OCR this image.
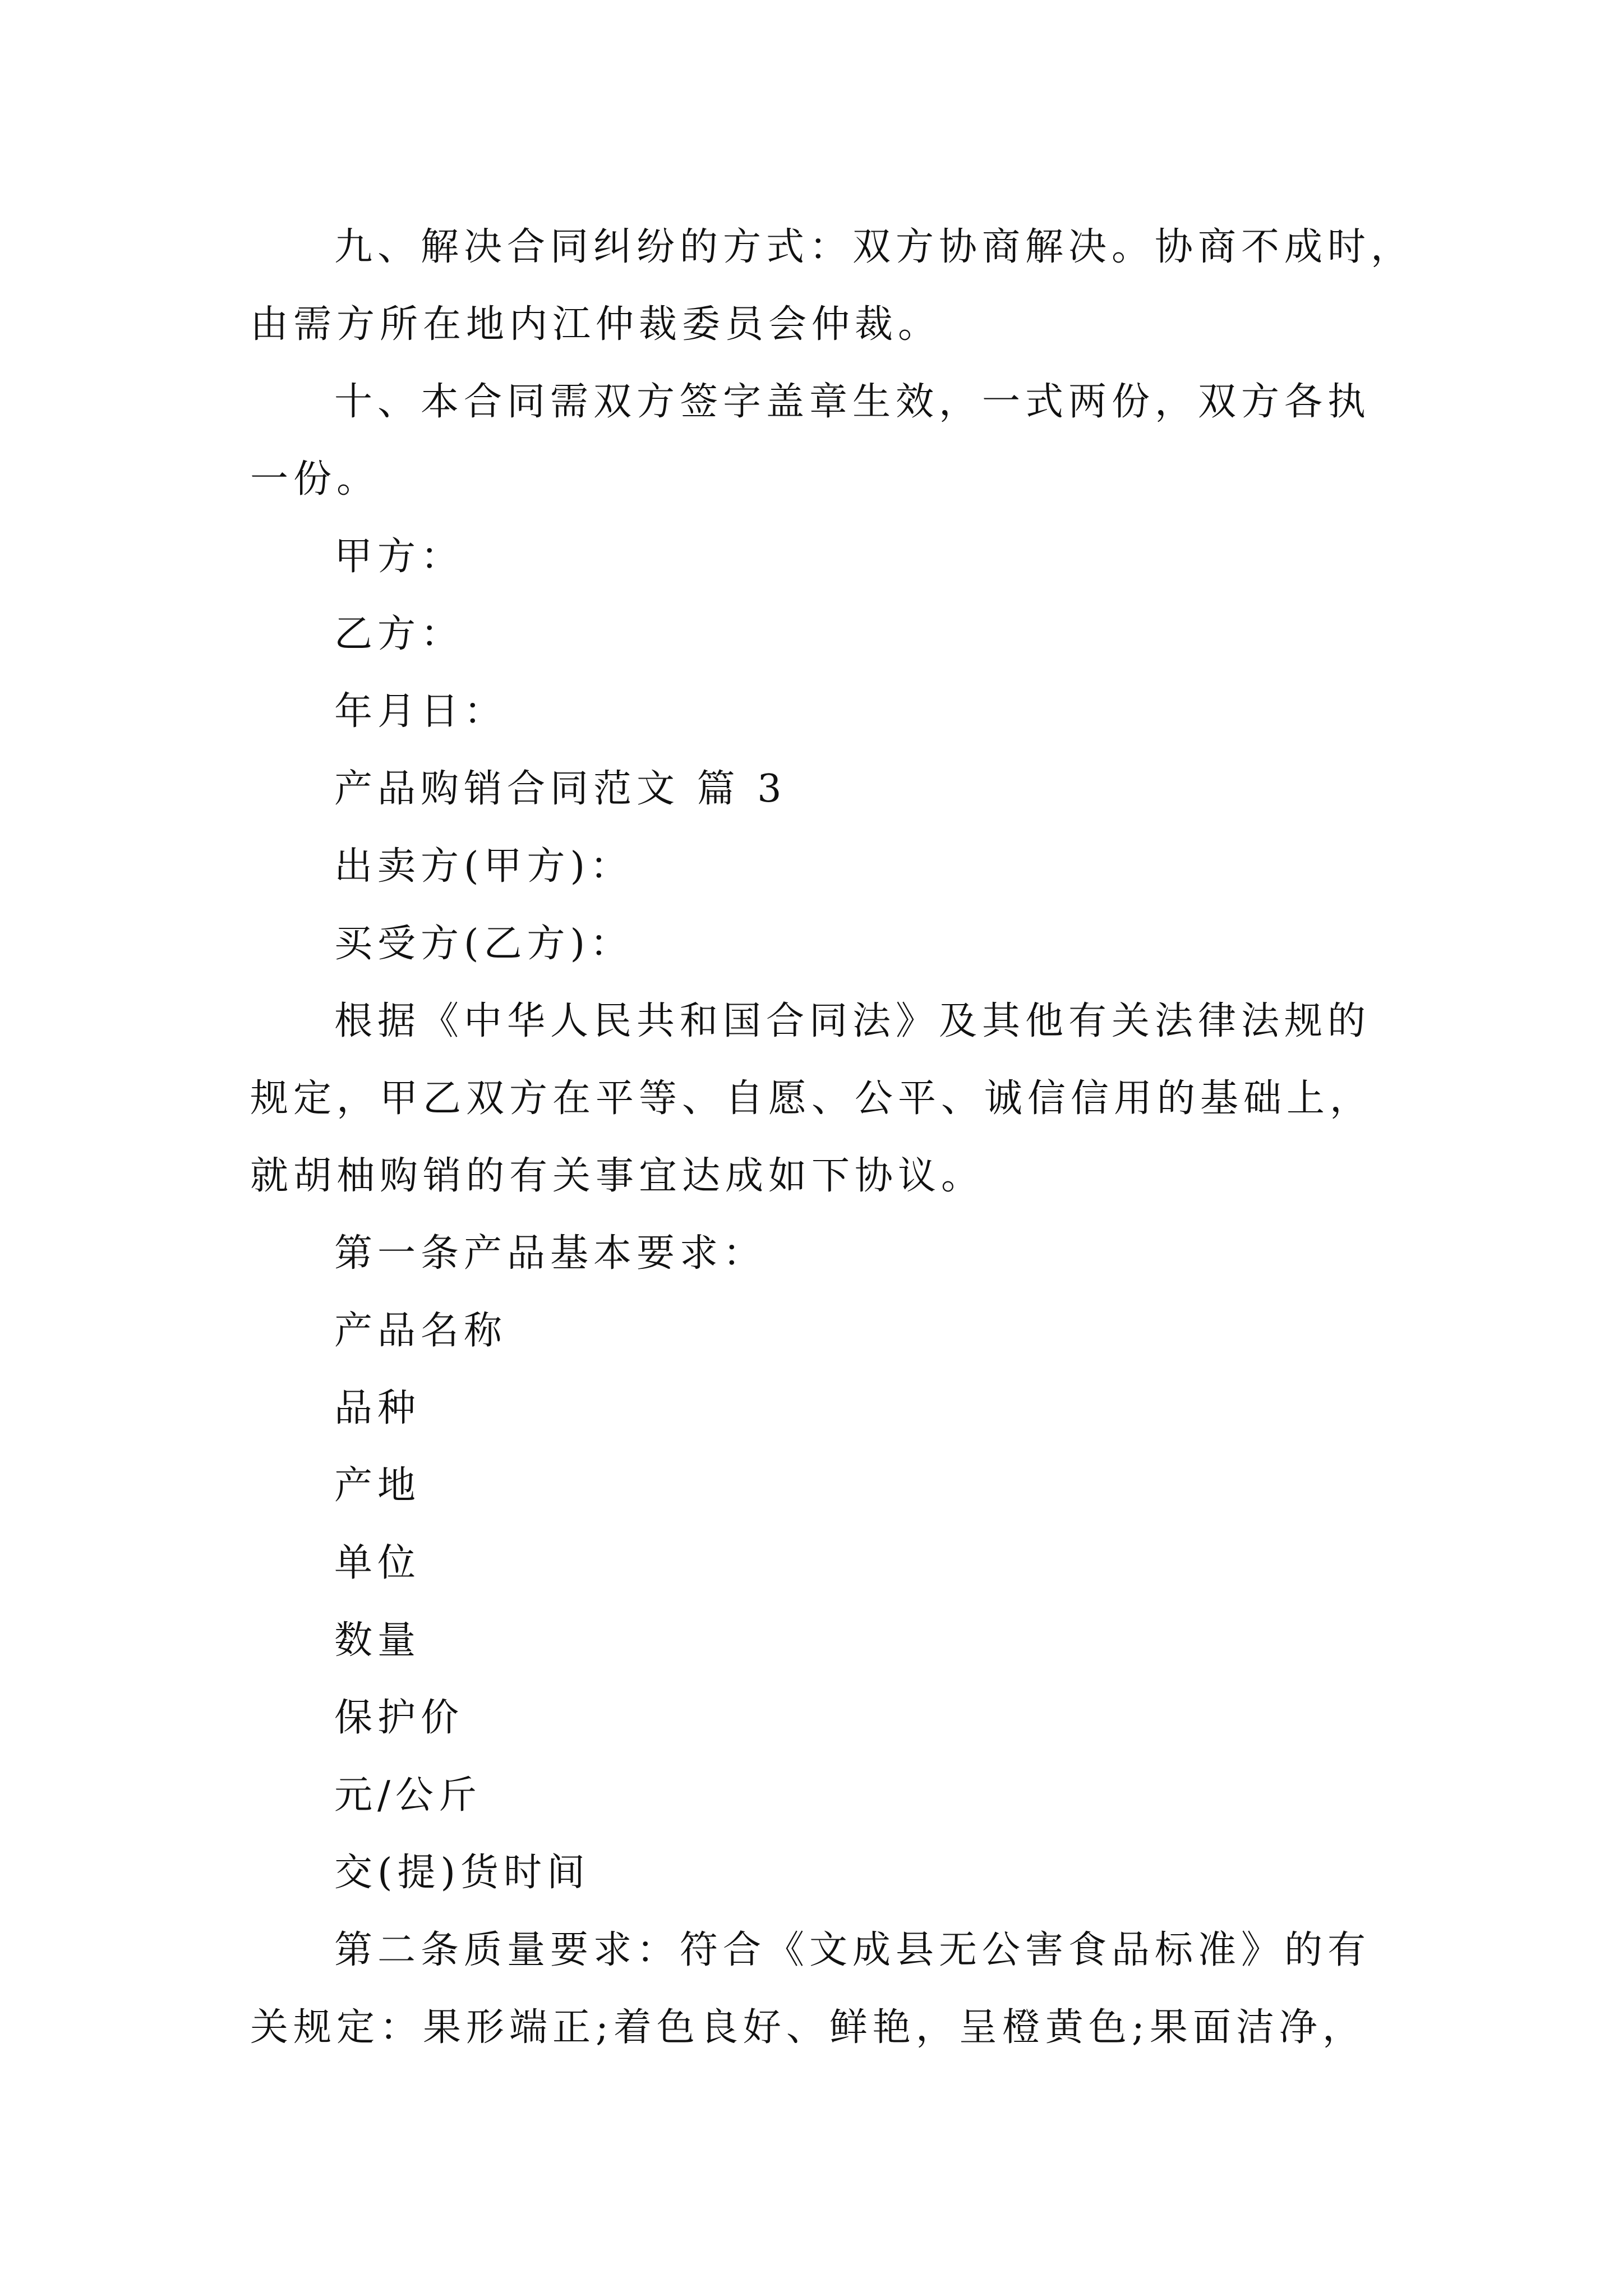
九、解决合同纠纷的方式：双方协商解决。协商不成时，
由需方所在地内江仲裁委员会仲裁。
十、本合同需双方签字盖章生效，一式两份，双方各执
一份。
甲方：
乙方：
年月日：
产品购销合同范文 篇 3
出卖方(甲方)：
买受方(乙方)：
根据《中华人民共和国合同法》及其他有关法律法规的
规定，甲乙双方在平等、自愿、公平、诚信信用的基础上，
就胡柚购销的有关事宜达成如下协议。
第一条产品基本要求：
产品名称
品种
产地
单位
数量
保护价
元/公斤
交(提)货时间
第二条质量要求：符合《文成县无公害食品标准》的有
关规定：果形端正;着色良好、鲜艳，呈橙黄色;果面洁净，
